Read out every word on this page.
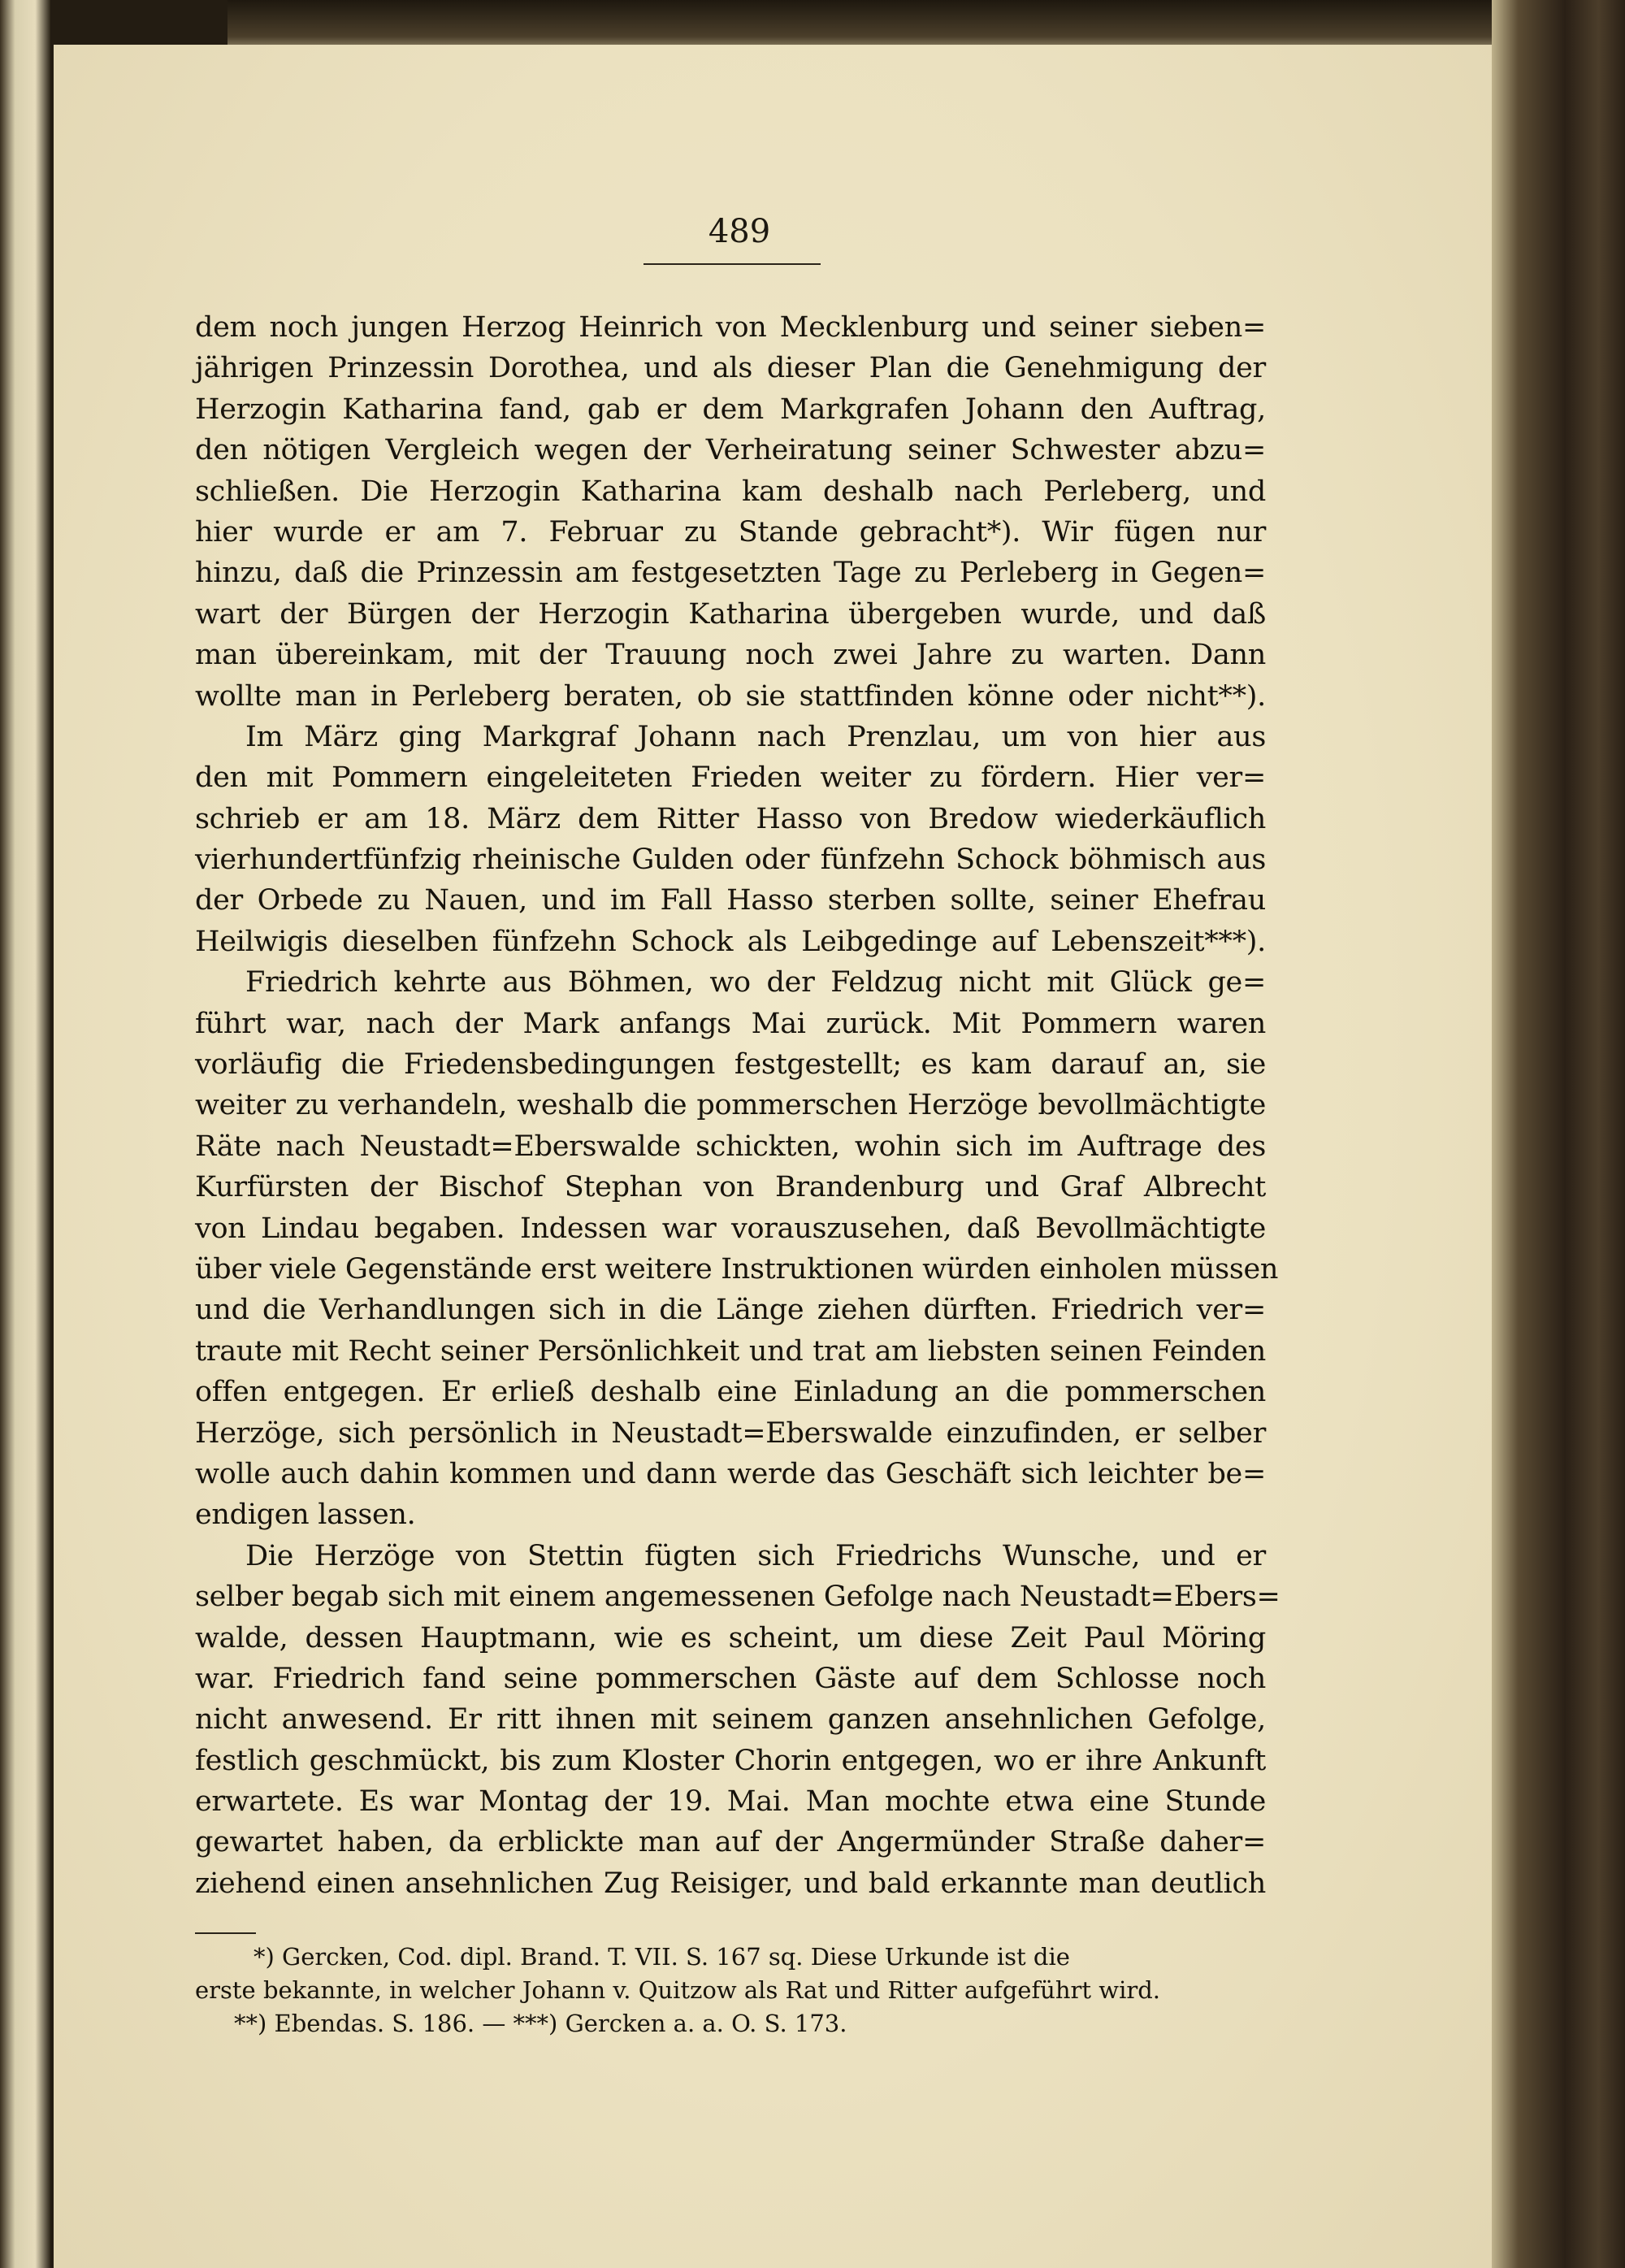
489
dem noch jungen Herzog Heinrich von Mecklenburg und seiner sieben=
jährigen Prinzessin Dorothea, und als dieser Plan die Genehmigung der
Herzogin Katharina fand, gab er dem Markgrafen Johann den Auftrag,
den nötigen Vergleich wegen der Verheiratung seiner Schwester abzu=
schließen. Die Herzogin Katharina kam deshalb nach Perleberg, und
hier wurde er am 7. Februar zu Stande gebracht*). Wir fügen nur
hinzu, daß die Prinzessin am festgesetzten Tage zu Perleberg in Gegen=
wart der Bürgen der Herzogin Katharina übergeben wurde, und daß
man übereinkam, mit der Trauung noch zwei Jahre zu warten. Dann
wollte man in Perleberg beraten, ob sie stattfinden könne oder nicht**).
Im März ging Markgraf Johann nach Prenzlau, um von hier aus
den mit Pommern eingeleiteten Frieden weiter zu fördern. Hier ver=
schrieb er am 18. März dem Ritter Hasso von Bredow wiederkäuflich
vierhundertfünfzig rheinische Gulden oder fünfzehn Schock böhmisch aus
der Orbede zu Nauen, und im Fall Hasso sterben sollte, seiner Ehefrau
Heilwigis dieselben fünfzehn Schock als Leibgedinge auf Lebenszeit***).
Friedrich kehrte aus Böhmen, wo der Feldzug nicht mit Glück ge=
führt war, nach der Mark anfangs Mai zurück. Mit Pommern waren
vorläufig die Friedensbedingungen festgestellt; es kam darauf an, sie
weiter zu verhandeln, weshalb die pommerschen Herzöge bevollmächtigte
Räte nach Neustadt=Eberswalde schickten, wohin sich im Auftrage des
Kurfürsten der Bischof Stephan von Brandenburg und Graf Albrecht
von Lindau begaben. Indessen war vorauszusehen, daß Bevollmächtigte
über viele Gegenstände erst weitere Instruktionen würden einholen müssen
und die Verhandlungen sich in die Länge ziehen dürften. Friedrich ver=
traute mit Recht seiner Persönlichkeit und trat am liebsten seinen Feinden
offen entgegen. Er erließ deshalb eine Einladung an die pommerschen
Herzöge, sich persönlich in Neustadt=Eberswalde einzufinden, er selber
wolle auch dahin kommen und dann werde das Geschäft sich leichter be=
endigen lassen.
Die Herzöge von Stettin fügten sich Friedrichs Wunsche, und er
selber begab sich mit einem angemessenen Gefolge nach Neustadt=Ebers=
walde, dessen Hauptmann, wie es scheint, um diese Zeit Paul Möring
war. Friedrich fand seine pommerschen Gäste auf dem Schlosse noch
nicht anwesend. Er ritt ihnen mit seinem ganzen ansehnlichen Gefolge,
festlich geschmückt, bis zum Kloster Chorin entgegen, wo er ihre Ankunft
erwartete. Es war Montag der 19. Mai. Man mochte etwa eine Stunde
gewartet haben, da erblickte man auf der Angermünder Straße daher=
ziehend einen ansehnlichen Zug Reisiger, und bald erkannte man deutlich
*) Gercken, Cod. dipl. Brand. T. VII. S. 167 sq. Diese Urkunde ist die
erste bekannte, in welcher Johann v. Quitzow als Rat und Ritter aufgeführt wird.
**) Ebendas. S. 186. — ***) Gercken a. a. O. S. 173.
